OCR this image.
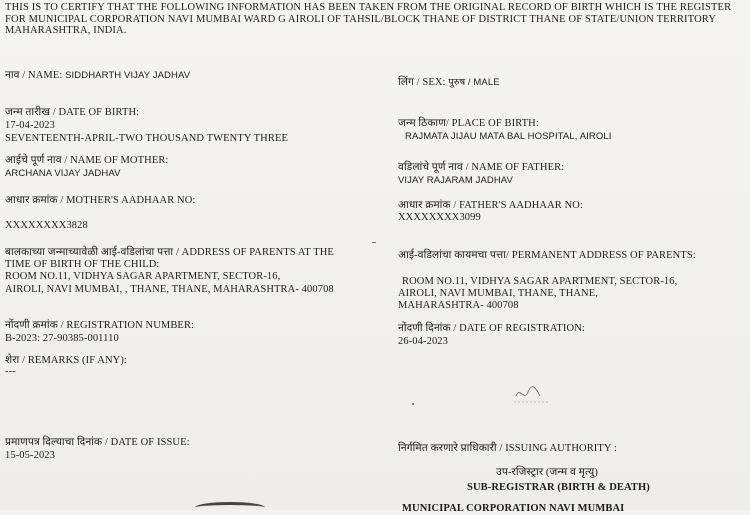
THIS IS TO CERTIFY THAT THE FOLLOWING INFORMATION HAS BEEN TAKEN FROM THE ORIGINAL RECORD OF BIRTH WHICH IS THE REGISTER FOR MUNICIPAL CORPORATION NAVI MUMBAI WARD G AIROLI OF TAHSIL/BLOCK THANE OF DISTRICT THANE OF STATE/UNION TERRITORY MAHARASHTRA, INDIA.
नाव / NAME: SIDDHARTH VIJAY JADHAV
लिंग / SEX: पुरुष / MALE
जन्म तारीख / DATE OF BIRTH:
17-04-2023
SEVENTEENTH-APRIL-TWO THOUSAND TWENTY THREE
जन्म ठिकाण/ PLACE OF BIRTH:
RAJMATA JIJAU MATA BAL HOSPITAL, AIROLI
आईचे पूर्ण नाव / NAME OF MOTHER:
ARCHANA VIJAY JADHAV
वडिलांचे पूर्ण नाव / NAME OF FATHER:
VIJAY RAJARAM JADHAV
आधार क्रमांक / MOTHER'S AADHAAR NO:
XXXXXXXX3828
आधार क्रमांक / FATHER'S AADHAAR NO:
XXXXXXXX3099
बालकाच्या जन्माच्यावेळी आई-वडिलांचा पत्ता / ADDRESS OF PARENTS AT THE
TIME OF BIRTH OF THE CHILD:
ROOM NO.11, VIDHYA SAGAR APARTMENT, SECTOR-16,
AIROLI, NAVI MUMBAI, , THANE, THANE, MAHARASHTRA- 400708
आई-वडिलांचा कायमचा पत्ता/ PERMANENT ADDRESS OF PARENTS:
ROOM NO.11, VIDHYA SAGAR APARTMENT, SECTOR-16,
AIROLI, NAVI MUMBAI, THANE, THANE,
MAHARASHTRA- 400708
नोंदणी क्रमांक / REGISTRATION NUMBER:
B-2023: 27-90385-001110
नोंदणी दिनांक / DATE OF REGISTRATION:
26-04-2023
शेरा / REMARKS (IF ANY):
---
प्रमाणपत्र दिल्याचा दिनांक / DATE OF ISSUE:
15-05-2023
निर्गमित करणारे प्राधिकारी / ISSUING AUTHORITY :
उप-रजिस्ट्रार (जन्म व मृत्यु)
SUB-REGISTRAR (BIRTH & DEATH)
MUNICIPAL CORPORATION NAVI MUMBAI
